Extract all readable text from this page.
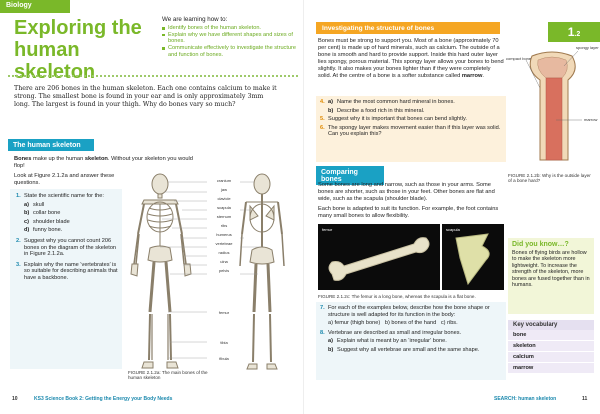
Biology
Exploring the
human skeleton
We are learning how to:
Identify bones of the human skeleton.
Explain why we have different shapes and sizes of bones.
Communicate effectively to investigate the structure and function of bones.
There are 206 bones in the human skeleton. Each one contains calcium to make it strong. The smallest bone is found in your ear and is only approximately 3mm long. The largest is found in your thigh. Why do bones vary so much?
The human skeleton
Bones make up the human skeleton. Without your skeleton you would flop!
Look at Figure 2.1.2a and answer these questions.
1. State the scientific name for the:
a) skull
b) collar bone
c) shoulder blade
d) funny bone.
2. Suggest why you cannot count 206 bones on the diagram of the skeleton in Figure 2.1.2a.
3. Explain why the name ‘vertebrates’ is so suitable for describing animals that have a backbone.
cranium
jaw
clavicle
scapula
sternum
ribs
humerus
vertebrae
radius
ulna
pelvis
femur
tibia
fibula
FIGURE 2.1.2a: The main bones of the human skeleton
10	KS3 Science Book 2: Getting the Energy your Body Needs
Investigating the structure of bones
Bones must be strong to support you. Most of a bone (approximately 70 per cent) is made up of hard minerals, such as calcium. The outside of a bone is smooth and hard to provide support. Inside this hard outer layer lies spongy, porous material. This spongy layer allows your bones to bend slightly. It also makes your bones lighter than if they were completely solid. At the centre of a bone is a softer substance called marrow.
4. a) Name the most common hard mineral in bones.
b) Describe a food rich in this mineral.
5. Suggest why it is important that bones can bend slightly.
6. The spongy layer makes movement easier than if this layer was solid. Can you explain this?
1.2
spongy layer
compact bone
marrow
FIGURE 2.1.2b: Why is the outside layer of a bone hard?
Comparing bones
Some bones are long and narrow, such as those in your arms. Some bones are shorter, such as those in your feet. Other bones are flat and wide, such as the scapula (shoulder blade).
Each bone is adapted to suit its function. For example, the foot contains many small bones to allow flexibility.
femur	scapula
FIGURE 2.1.2c: The femur is a long bone, whereas the scapula is a flat bone.
7. For each of the examples below, describe how the bone shape or structure is well adapted for its function in the body:
a) femur (thigh bone)   b) bones of the hand   c) ribs.
8. Vertebrae are described as small and irregular bones.
a) Explain what is meant by an ‘irregular’ bone.
b) Suggest why all vertebrae are small and the same shape.
Did you know…?
Bones of flying birds are hollow to make the skeleton more lightweight. To increase the strength of the skeleton, more bones are fused together than in humans.
Key vocabulary
bone
skeleton
calcium
marrow
SEARCH: human skeleton	11
